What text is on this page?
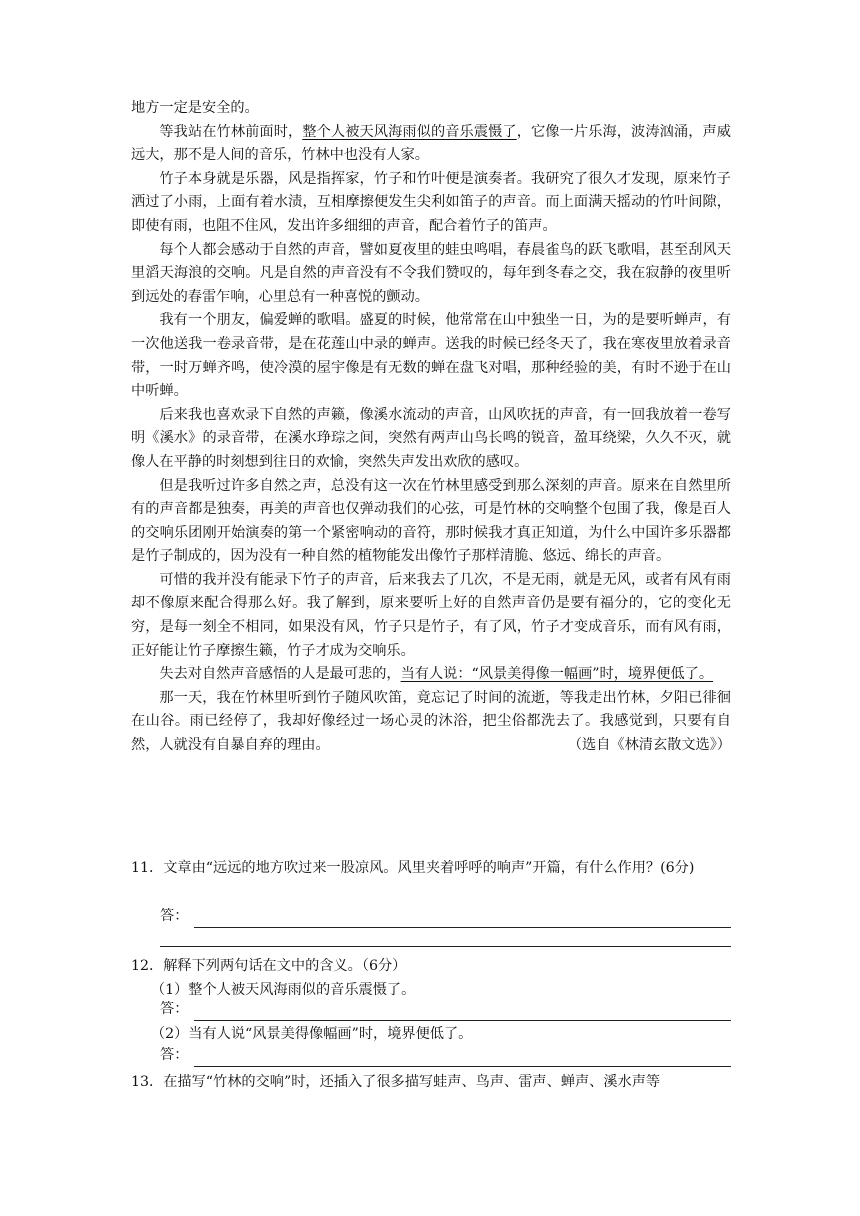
地方一定是安全的。

等我站在竹林前面时，整个人被天风海雨似的音乐震慑了，它像一片乐海，波涛汹涌，声威远大，那不是人间的音乐，竹林中也没有人家。

竹子本身就是乐器，风是指挥家，竹子和竹叶便是演奏者。我研究了很久才发现，原来竹子洒过了小雨，上面有着水渍，互相摩擦便发生尖利如笛子的声音。而上面满天摇动的竹叶间隙，即使有雨，也阻不住风，发出许多细细的声音，配合着竹子的笛声。

每个人都会感动于自然的声音，譬如夏夜里的蛙虫鸣唱，春晨雀鸟的跃飞歌唱，甚至刮风天里滔天海浪的交响。凡是自然的声音没有不令我们赞叹的，每年到冬春之交，我在寂静的夜里听到远处的春雷乍响，心里总有一种喜悦的颤动。

我有一个朋友，偏爱蝉的歌唱。盛夏的时候，他常常在山中独坐一日，为的是要听蝉声，有一次他送我一卷录音带，是在花莲山中录的蝉声。送我的时候已经冬天了，我在寒夜里放着录音带，一时万蝉齐鸣，使冷漠的屋宇像是有无数的蝉在盘飞对唱，那种经验的美，有时不逊于在山中听蝉。

后来我也喜欢录下自然的声籁，像溪水流动的声音，山风吹抚的声音，有一回我放着一卷写明《溪水》的录音带，在溪水琤琮之间，突然有两声山鸟长鸣的锐音，盈耳绕梁，久久不灭，就像人在平静的时刻想到往日的欢愉，突然失声发出欢欣的感叹。

但是我听过许多自然之声，总没有这一次在竹林里感受到那么深刻的声音。原来在自然里所有的声音都是独奏，再美的声音也仅弹动我们的心弦，可是竹林的交响整个包围了我，像是百人的交响乐团刚开始演奏的第一个紧密响动的音符，那时候我才真正知道，为什么中国许多乐器都是竹子制成的，因为没有一种自然的植物能发出像竹子那样清脆、悠远、绵长的声音。

可惜的我并没有能录下竹子的声音，后来我去了几次，不是无雨，就是无风，或者有风有雨却不像原来配合得那么好。我了解到，原来要听上好的自然声音仍是要有福分的，它的变化无穷，是每一刻全不相同，如果没有风，竹子只是竹子，有了风，竹子才变成音乐，而有风有雨，正好能让竹子摩擦生籁，竹子才成为交响乐。

失去对自然声音感悟的人是最可悲的，当有人说：“风景美得像一幅画”时，境界便低了。

那一天，我在竹林里听到竹子随风吹笛，竟忘记了时间的流逝，等我走出竹林，夕阳已徘徊在山谷。雨已经停了，我却好像经过一场心灵的沐浴，把尘俗都洗去了。我感觉到，只要有自然，人就没有自暴自弃的理由。	（选自《林清玄散文选》）

11．文章由“远远的地方吹过来一股凉风。风里夹着呼呼的响声”开篇，有什么作用？(6分)

答：

12．解释下列两句话在文中的含义。（6分）

（1）整个人被天风海雨似的音乐震慑了。

答：

（2）当有人说“风景美得像幅画”时，境界便低了。

答：

13．在描写“竹林的交响”时，还插入了很多描写蛙声、鸟声、雷声、蝉声、溪水声等
